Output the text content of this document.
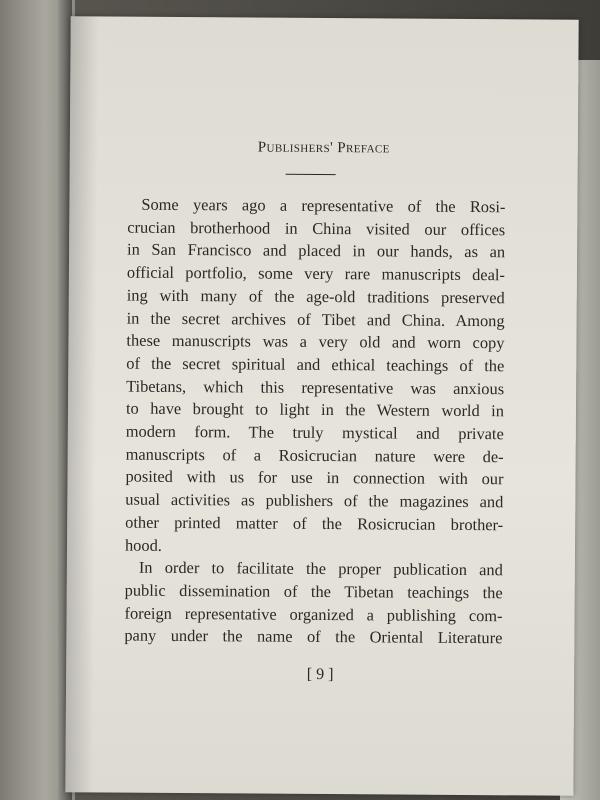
Publishers' Preface
Some years ago a representative of the Rosi-
crucian brotherhood in China visited our offices
in San Francisco and placed in our hands, as an
official portfolio, some very rare manuscripts deal-
ing with many of the age-old traditions preserved
in the secret archives of Tibet and China. Among
these manuscripts was a very old and worn copy
of the secret spiritual and ethical teachings of the
Tibetans, which this representative was anxious
to have brought to light in the Western world in
modern form. The truly mystical and private
manuscripts of a Rosicrucian nature were de-
posited with us for use in connection with our
usual activities as publishers of the magazines and
other printed matter of the Rosicrucian brother-
hood.
In order to facilitate the proper publication and
public dissemination of the Tibetan teachings the
foreign representative organized a publishing com-
pany under the name of the Oriental Literature
[ 9 ]
